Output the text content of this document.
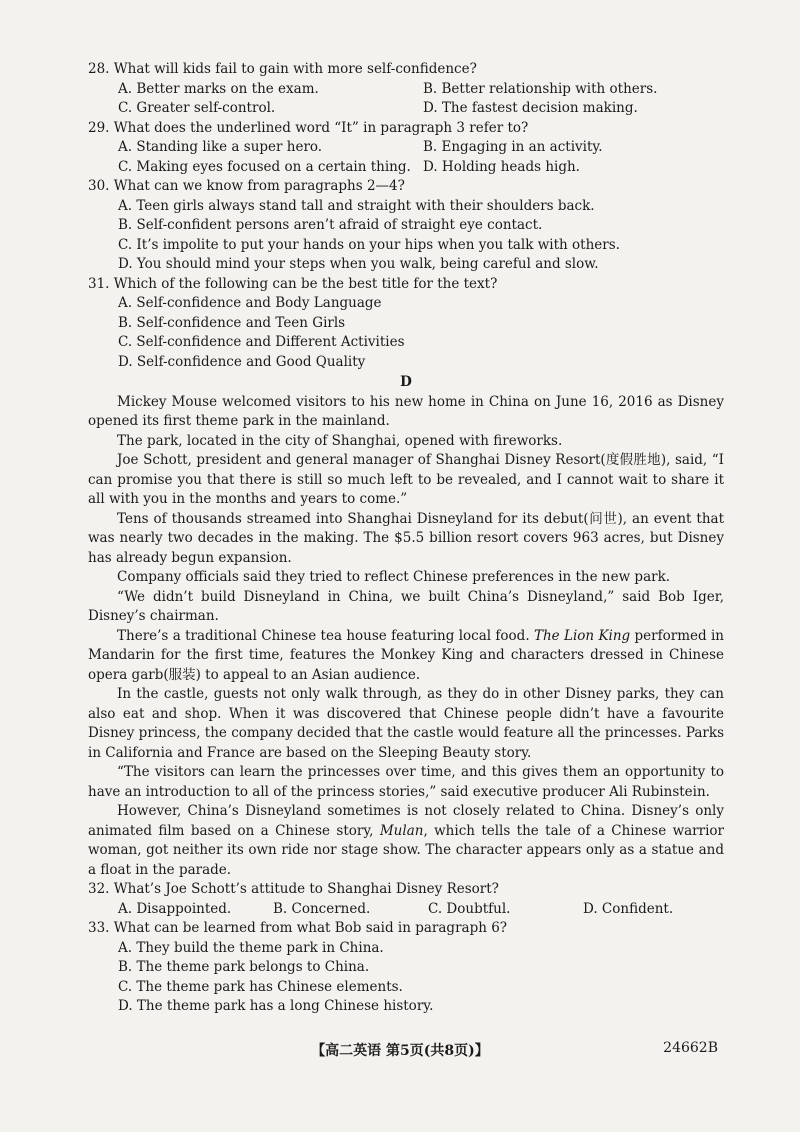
28. What will kids fail to gain with more self-confidence?

A. Better marks on the exam.	B. Better relationship with others.
C. Greater self-control.	D. The fastest decision making.

29. What does the underlined word “It” in paragraph 3 refer to?

A. Standing like a super hero.	B. Engaging in an activity.
C. Making eyes focused on a certain thing. D. Holding heads high.

30. What can we know from paragraphs 2—4?

A. Teen girls always stand tall and straight with their shoulders back.
B. Self-confident persons aren’t afraid of straight eye contact.
C. It’s impolite to put your hands on your hips when you talk with others.
D. You should mind your steps when you walk, being careful and slow.

31. Which of the following can be the best title for the text?

A. Self-confidence and Body Language
B. Self-confidence and Teen Girls
C. Self-confidence and Different Activities
D. Self-confidence and Good Quality
D

Mickey Mouse welcomed visitors to his new home in China on June 16, 2016 as Disney opened its first theme park in the mainland.

The park, located in the city of Shanghai, opened with fireworks.

Joe Schott, president and general manager of Shanghai Disney Resort(度假胜地), said, “I can promise you that there is still so much left to be revealed, and I cannot wait to share it all with you in the months and years to come.”

Tens of thousands streamed into Shanghai Disneyland for its debut(问世), an event that was nearly two decades in the making. The $5.5 billion resort covers 963 acres, but Disney has already begun expansion.

Company officials said they tried to reflect Chinese preferences in the new park.

“We didn’t build Disneyland in China, we built China’s Disneyland,” said Bob Iger, Disney’s chairman.

There’s a traditional Chinese tea house featuring local food. The Lion King performed in Mandarin for the first time, features the Monkey King and characters dressed in Chinese opera garb(服装) to appeal to an Asian audience.

In the castle, guests not only walk through, as they do in other Disney parks, they can also eat and shop. When it was discovered that Chinese people didn’t have a favourite Disney princess, the company decided that the castle would feature all the princesses. Parks in California and France are based on the Sleeping Beauty story.

“The visitors can learn the princesses over time, and this gives them an opportunity to have an introduction to all of the princess stories,” said executive producer Ali Rubinstein.

However, China’s Disneyland sometimes is not closely related to China. Disney’s only animated film based on a Chinese story, Mulan, which tells the tale of a Chinese warrior woman, got neither its own ride nor stage show. The character appears only as a statue and a float in the parade.

32. What’s Joe Schott’s attitude to Shanghai Disney Resort?

A. Disappointed.	B. Concerned.	C. Doubtful.	D. Confident.

33. What can be learned from what Bob said in paragraph 6?

A. They build the theme park in China.
B. The theme park belongs to China.
C. The theme park has Chinese elements.
D. The theme park has a long Chinese history.
【高二英语 第5页(共8页)】	24662B
